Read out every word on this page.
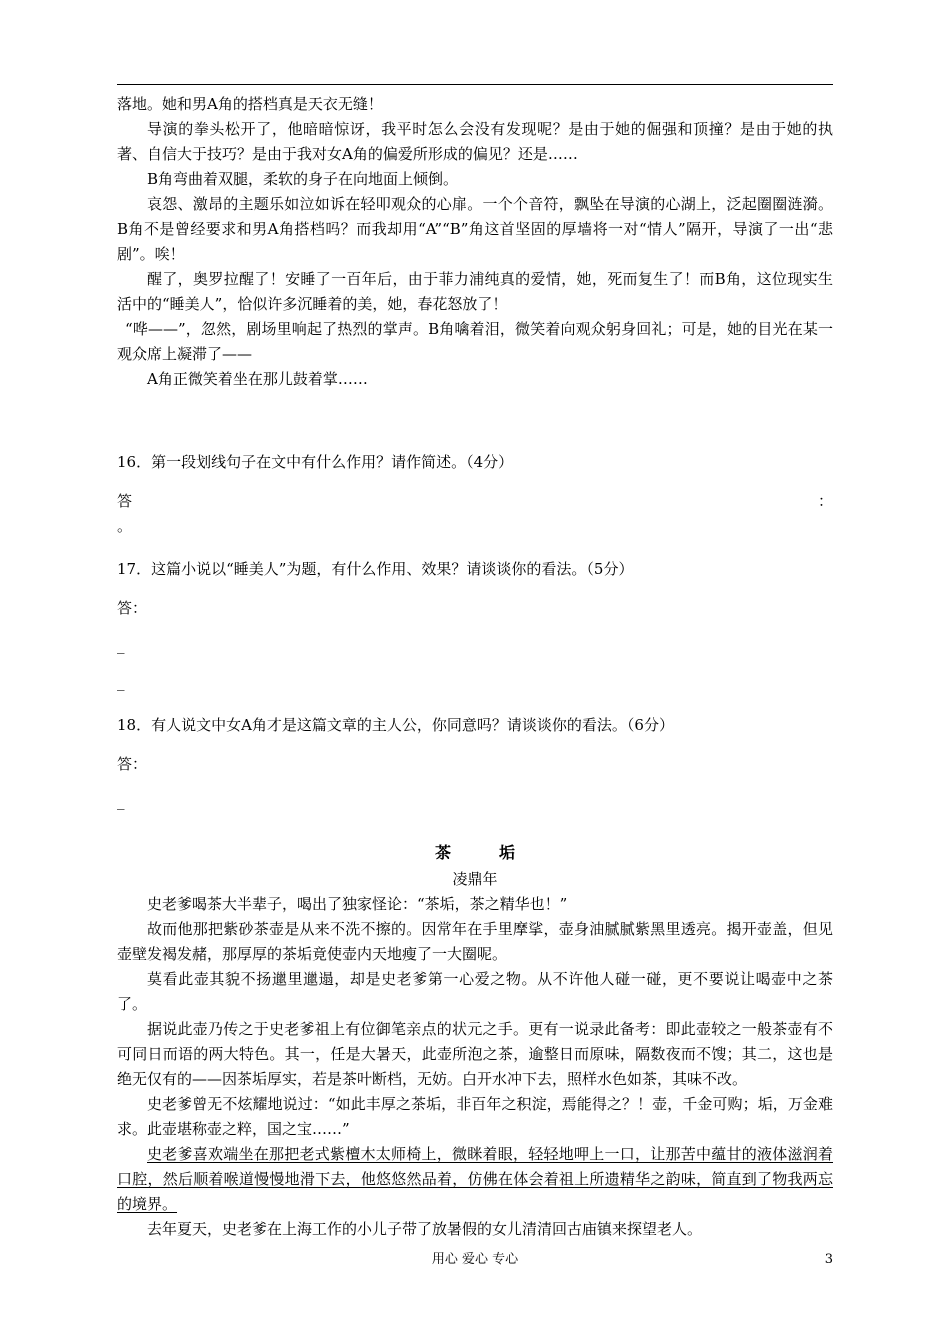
落地。她和男A角的搭档真是天衣无缝！

导演的拳头松开了，他暗暗惊讶，我平时怎么会没有发现呢？是由于她的倔强和顶撞？是由于她的执著、自信大于技巧？是由于我对女A角的偏爱所形成的偏见？还是……

B角弯曲着双腿，柔软的身子在向地面上倾倒。

哀怨、激昂的主题乐如泣如诉在轻叩观众的心扉。一个个音符，飘坠在导演的心湖上，泛起圈圈涟漪。B角不是曾经要求和男A角搭档吗？而我却用“A”“B”角这首坚固的厚墙将一对“情人”隔开，导演了一出“悲剧”。唉！

醒了，奥罗拉醒了！安睡了一百年后，由于菲力浦纯真的爱情，她，死而复生了！而B角，这位现实生活中的“睡美人”，恰似许多沉睡着的美，她，春花怒放了！

“哗——”，忽然，剧场里响起了热烈的掌声。B角噙着泪，微笑着向观众躬身回礼；可是，她的目光在某一观众席上凝滞了——

A角正微笑着坐在那儿鼓着掌……

16．第一段划线句子在文中有什么作用？请作简述。（4分）

答	：
。

17．这篇小说以“睡美人”为题，有什么作用、效果？请谈谈你的看法。（5分）

答：

_
_

18．有人说文中女A角才是这篇文章的主人公，你同意吗？请谈谈你的看法。（6分）

答：

_
茶	垢
凌鼎年

史老爹喝茶大半辈子，喝出了独家怪论：“茶垢，茶之精华也！”

故而他那把紫砂茶壶是从来不洗不擦的。因常年在手里摩挲，壶身油腻腻紫黑里透亮。揭开壶盖，但见壶壁发褐发赭，那厚厚的茶垢竟使壶内天地瘦了一大圈呢。

莫看此壶其貌不扬邋里邋遢，却是史老爹第一心爱之物。从不许他人碰一碰，更不要说让喝壶中之茶了。

据说此壶乃传之于史老爹祖上有位御笔亲点的状元之手。更有一说录此备考：即此壶较之一般茶壶有不可同日而语的两大特色。其一，任是大暑天，此壶所泡之茶，逾整日而原味，隔数夜而不馊；其二，这也是绝无仅有的——因茶垢厚实，若是茶叶断档，无妨。白开水冲下去，照样水色如茶，其味不改。

史老爹曾无不炫耀地说过：“如此丰厚之茶垢，非百年之积淀，焉能得之？！壶，千金可购；垢，万金难求。此壶堪称壶之粹，国之宝……”

史老爹喜欢端坐在那把老式紫檀木太师椅上，微眯着眼，轻轻地呷上一口，让那苦中蕴甘的液体滋润着口腔，然后顺着喉道慢慢地滑下去，他悠悠然品着，仿佛在体会着祖上所遗精华之韵味，简直到了物我两忘的境界。

去年夏天，史老爹在上海工作的小儿子带了放暑假的女儿清清回古庙镇来探望老人。

用心 爱心 专心	3
